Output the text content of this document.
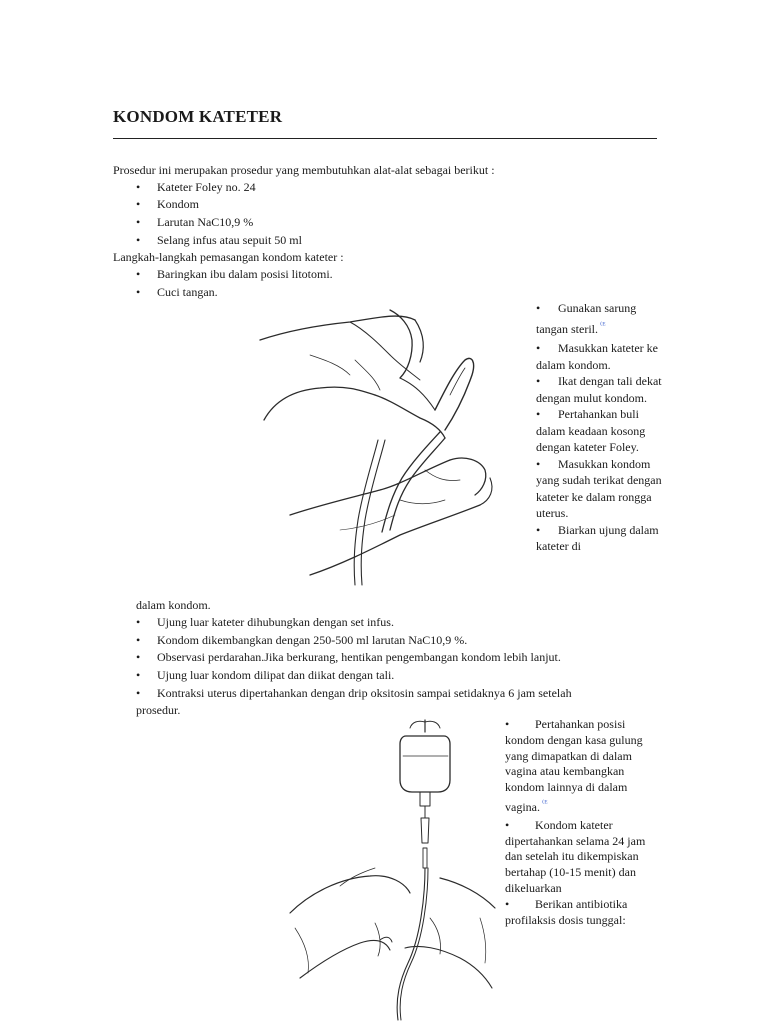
KONDOM KATETER
Prosedur ini merupakan prosedur yang membutuhkan alat-alat sebagai berikut :
• Kateter Foley no. 24
• Kondom
• Larutan NaC10,9 %
• Selang infus atau sepuit 50 ml
Langkah-langkah pemasangan kondom kateter :
• Baringkan ibu dalam posisi litotomi.
• Cuci tangan.
• Gunakan sarung tangan steril. $^{^(ᴱ}$
• Masukkan kateter ke dalam kondom.
• Ikat dengan tali dekat dengan mulut kondom.
• Pertahankan buli dalam keadaan kosong dengan kateter Foley.
• Masukkan kondom yang sudah terikat dengan kateter ke dalam rongga uterus.
• Biarkan ujung dalam kateter di
dalam kondom.
• Ujung luar kateter dihubungkan dengan set infus.
• Kondom dikembangkan dengan 250-500 ml larutan NaC10,9 %.
• Observasi perdarahan.Jika berkurang, hentikan pengembangan kondom lebih lanjut.
• Ujung luar kondom dilipat dan diikat dengan tali.
• Kontraksi uterus dipertahankan dengan drip oksitosin sampai setidaknya 6 jam setelah
prosedur.
• Pertahankan posisi kondom dengan kasa gulung yang dimapatkan di dalam vagina atau kembangkan kondom lainnya di dalam vagina. $^{^(ᴱ}$
• Kondom kateter dipertahankan selama 24 jam dan setelah itu dikempiskan bertahap (10-15 menit) dan dikeluarkan
• Berikan antibiotika profilaksis dosis tunggal:
